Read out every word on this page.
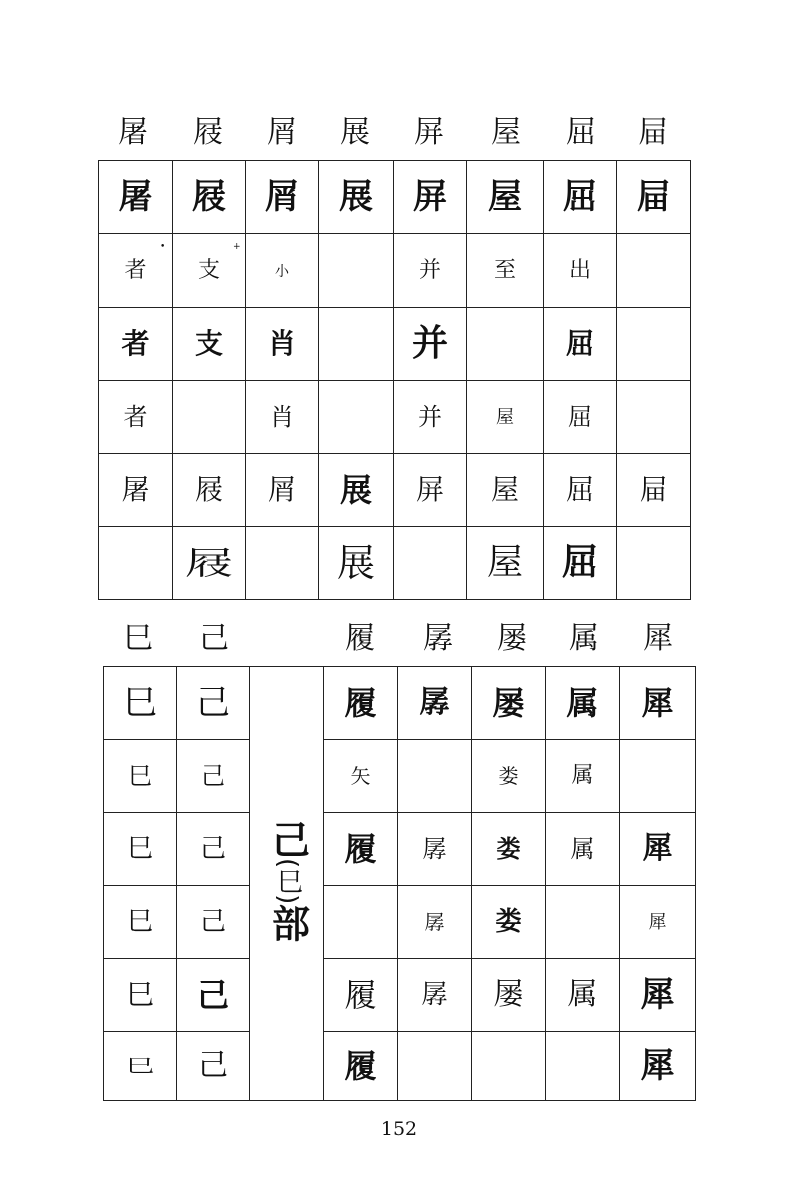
屠 屐 屑 展 屏 屋 屈 屇
屠	屐	屑	展	屏	屋	屈	屇
者	支	小		并	至	出	
者	支	肖		并		屈	
者		肖		并	屋	屈	
屠	屐	屑	展	屏	屋	屈	屇
	屐		展		屋	屈	
•	+
巳 己	履 孱 屡 属 犀
巳	己	己(巳)部	履	孱	屡	属	犀
巳	己		矢		娄	属	
巳	己		履	孱	娄	属	犀
巳	己			孱	娄		犀
巳	己		履	孱	屡	属	犀
巳	己		履				犀
152
